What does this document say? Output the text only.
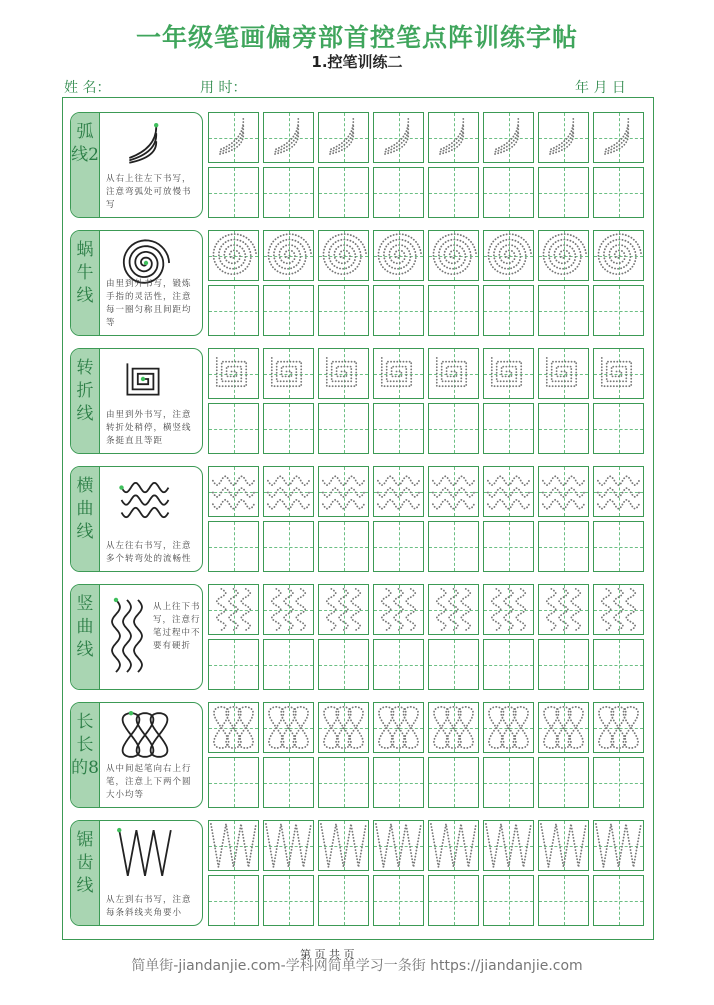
一年级笔画偏旁部首控笔点阵训练字帖
1.控笔训练二
姓 名：	用 时：	年 月 日
弧线2
从右上往左下书写，注意弯弧处可放慢书写
蜗牛线
由里到外书写，锻炼手指的灵活性，注意每一圈匀称且间距均等
转折线	由里到外书写，注意转折处稍停，横竖线条挺直且等距
横曲线
从左往右书写，注意多个转弯处的流畅性
竖曲线
从上往下书写，注意行笔过程中不要有硬折
长长的8 从中间起笔向右上行笔，注意上下两个圆大小均等
锯齿线
从左到右书写，注意每条斜线夹角要小
第 页 共 页
简单街-jiandanjie.com-学科网简单学习一条街 https://jiandanjie.com
